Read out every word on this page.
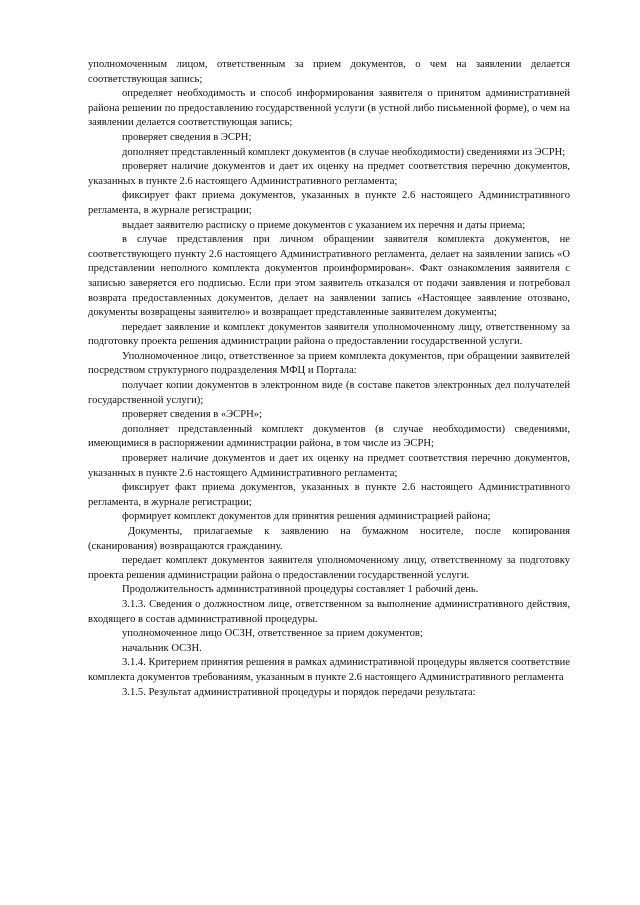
уполномоченным лицом, ответственным за прием документов, о чем на заявлении делается соответствующая запись;

определяет необходимость и способ информирования заявителя о принятом административней района решении по предоставлению государственной услуги (в устной либо письменной форме), о чем на заявлении делается соответствующая запись;

проверяет сведения в ЭСРН;

дополняет представленный комплект документов (в случае необходимости) сведениями из ЭСРН;

проверяет наличие документов и дает их оценку на предмет соответствия перечню документов, указанных в пункте 2.6 настоящего Административного регламента;

фиксирует факт приема документов, указанных в пункте 2.6 настоящего Административного регламента, в журнале регистрации;

выдает заявителю расписку о приеме документов с указанием их перечня и даты приема;

в случае представления при личном обращении заявителя комплекта документов, не соответствующего пункту 2.6 настоящего Административного регламента, делает на заявлении запись «О представлении неполного комплекта документов проинформирован». Факт ознакомления заявителя с записью заверяется его подписью. Если при этом заявитель отказался от подачи заявления и потребовал возврата предоставленных документов, делает на заявлении запись «Настоящее заявление отозвано, документы возвращены заявителю» и возвращает представленные заявителем документы;

передает заявление и комплект документов заявителя уполномоченному лицу, ответственному за подготовку проекта решения администрации района о предоставлении государственной услуги.

Уполномоченное лицо, ответственное за прием комплекта документов, при обращении заявителей посредством структурного подразделения МФЦ и Портала:

получает копии документов в электронном виде (в составе пакетов электронных дел получателей государственной услуги);

проверяет сведения в «ЭСРН»;

дополняет представленный комплект документов (в случае необходимости) сведениями, имеющимися в распоряжении администрации района, в том числе из ЭСРН;

проверяет наличие документов и дает их оценку на предмет соответствия перечню документов, указанных в пункте 2.6 настоящего Административного регламента;

фиксирует факт приема документов, указанных в пункте 2.6 настоящего Административного регламента, в журнале регистрации;

формирует комплект документов для принятия решения администрацией района;

Документы, прилагаемые к заявлению на бумажном носителе, после копирования (сканирования) возвращаются гражданину.

передает комплект документов заявителя уполномоченному лицу, ответственному за подготовку проекта решения администрации района о предоставлении государственной услуги.

Продолжительность административной процедуры составляет 1 рабочий день.

3.1.3. Сведения о должностном лице, ответственном за выполнение административного действия, входящего в состав административной процедуры.

уполномоченное лицо ОСЗН, ответственное за прием документов;

начальник ОСЗН.

3.1.4. Критерием принятия решения в рамках административной процедуры является соответствие комплекта документов требованиям, указанным в пункте 2.6 настоящего Административного регламента

3.1.5. Результат административной процедуры и порядок передачи результата:
